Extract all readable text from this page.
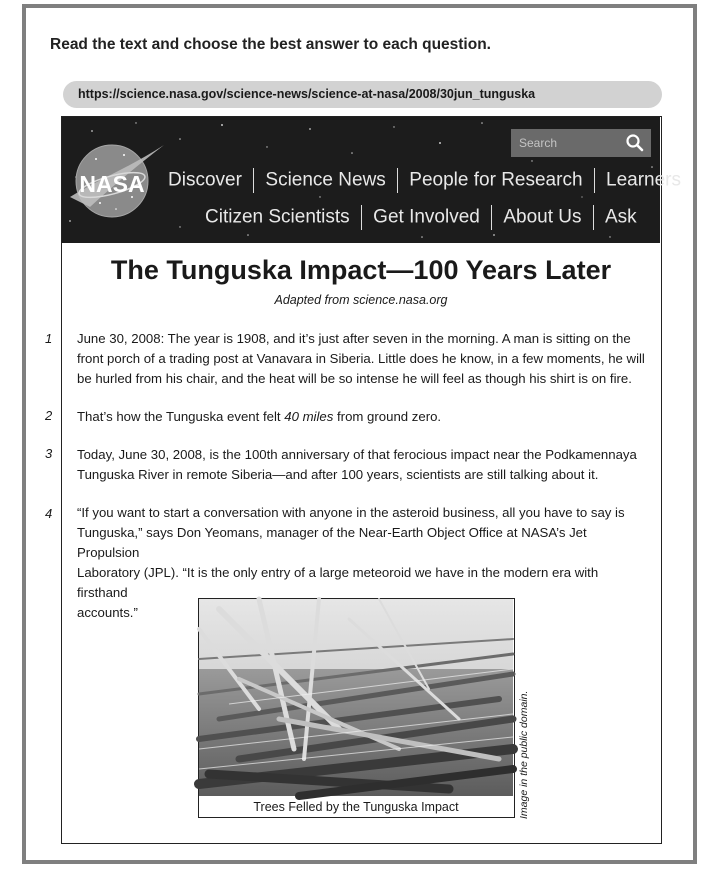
Read the text and choose the best answer to each question.
https://science.nasa.gov/science-news/science-at-nasa/2008/30jun_tunguska
NASA
Search
Discover Science News People for Research Learners
Citizen Scientists Get Involved About Us Ask
The Tunguska Impact—100 Years Later
Adapted from science.nasa.org
June 30, 2008: The year is 1908, and it’s just after seven in the morning. A man is sitting on the
front porch of a trading post at Vanavara in Siberia. Little does he know, in a few moments, he will
be hurled from his chair, and the heat will be so intense he will feel as though his shirt is on fire.
That’s how the Tunguska event felt 40 miles from ground zero.
Today, June 30, 2008, is the 100th anniversary of that ferocious impact near the Podkamennaya
Tunguska River in remote Siberia—and after 100 years, scientists are still talking about it.
“If you want to start a conversation with anyone in the asteroid business, all you have to say is
Tunguska,” says Don Yeomans, manager of the Near-Earth Object Office at NASA’s Jet Propulsion
Laboratory (JPL). “It is the only entry of a large meteoroid we have in the modern era with firsthand
accounts.”
1
2
3
4
Trees Felled by the Tunguska Impact	Image in the public domain.
